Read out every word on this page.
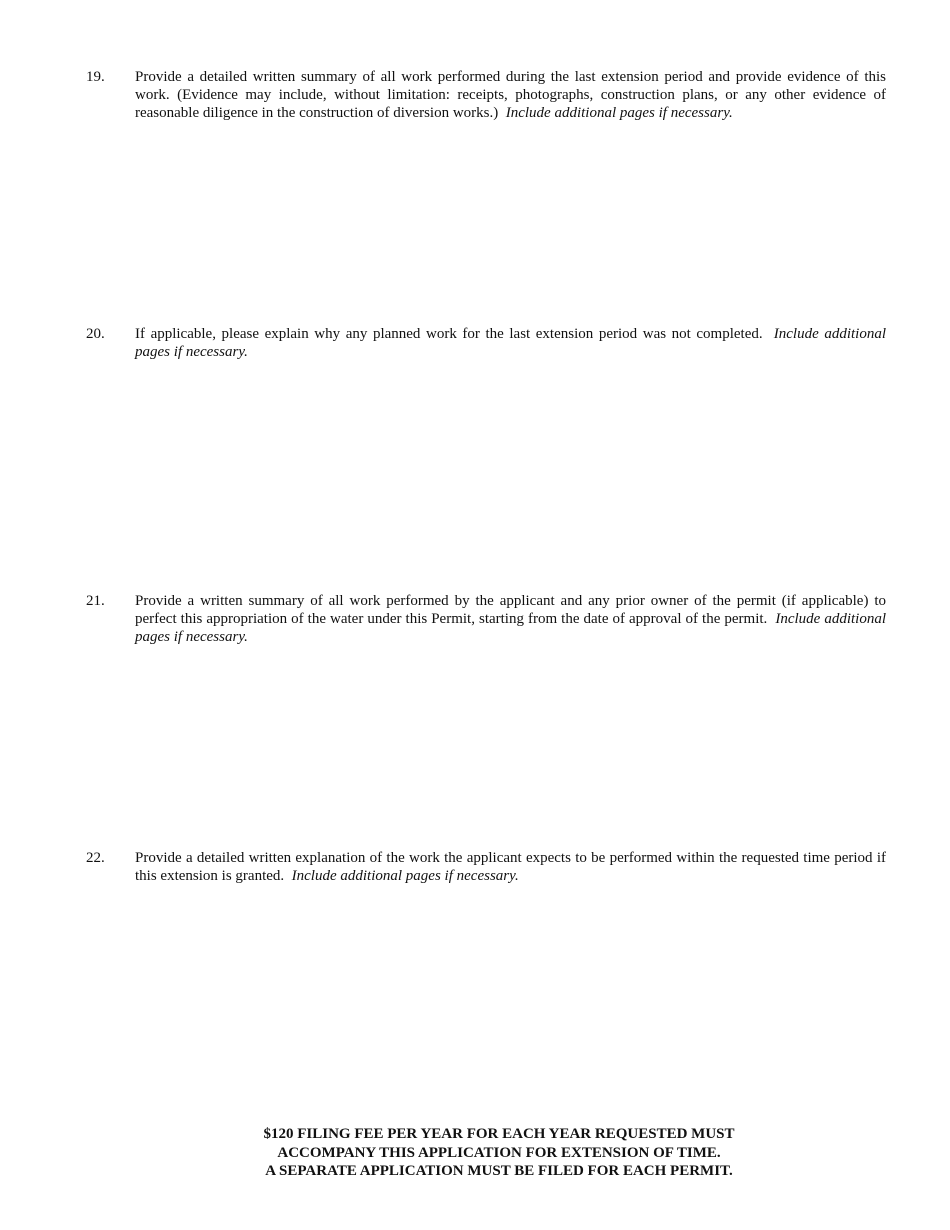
19.	Provide a detailed written summary of all work performed during the last extension period and provide evidence of this work. (Evidence may include, without limitation: receipts, photographs, construction plans, or any other evidence of reasonable diligence in the construction of diversion works.) Include additional pages if necessary.
20.	If applicable, please explain why any planned work for the last extension period was not completed. Include additional pages if necessary.
21.	Provide a written summary of all work performed by the applicant and any prior owner of the permit (if applicable) to perfect this appropriation of the water under this Permit, starting from the date of approval of the permit. Include additional pages if necessary.
22.	Provide a detailed written explanation of the work the applicant expects to be performed within the requested time period if this extension is granted. Include additional pages if necessary.
$120 FILING FEE PER YEAR FOR EACH YEAR REQUESTED MUST
ACCOMPANY THIS APPLICATION FOR EXTENSION OF TIME.
A SEPARATE APPLICATION MUST BE FILED FOR EACH PERMIT.
